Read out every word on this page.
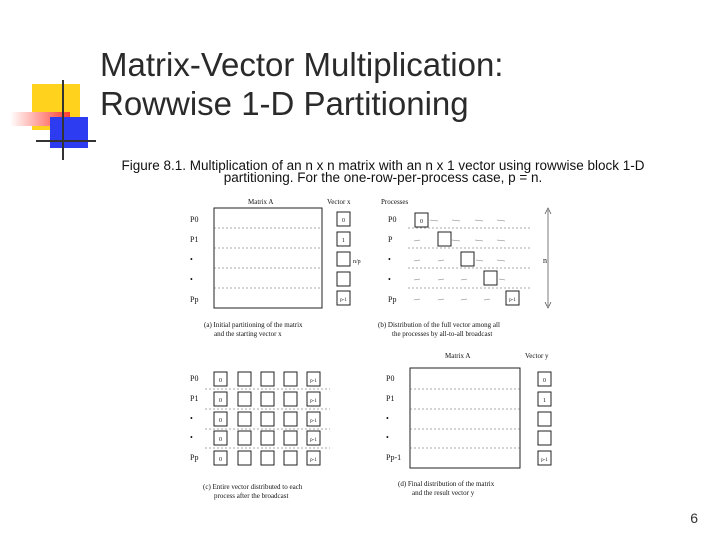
Matrix-Vector Multiplication:
Rowwise 1-D Partitioning
Figure 8.1. Multiplication of an n x n matrix with an n x 1 vector using rowwise block 1-D
partitioning. For the one-row-per-process case, p = n.
Matrix A	Vector x
P0
P1
•
•
Pp
0
1
p-1
n/p
(a) Initial partitioning of the matrix
and the starting vector x
Processes
P0
P
•
•
Pp
0
p-1
n
(b) Distribution of the full vector among all
the processes by all-to-all broadcast
P0
P1
•
•
Pp
0
0
0
0
0
p-1
p-1
p-1
p-1
p-1
(c) Entire vector distributed to each
process after the broadcast
Matrix A	Vector y
P0
P1
•
•
Pp-1
0
1
p-1
(d) Final distribution of the matrix
and the result vector y
6
